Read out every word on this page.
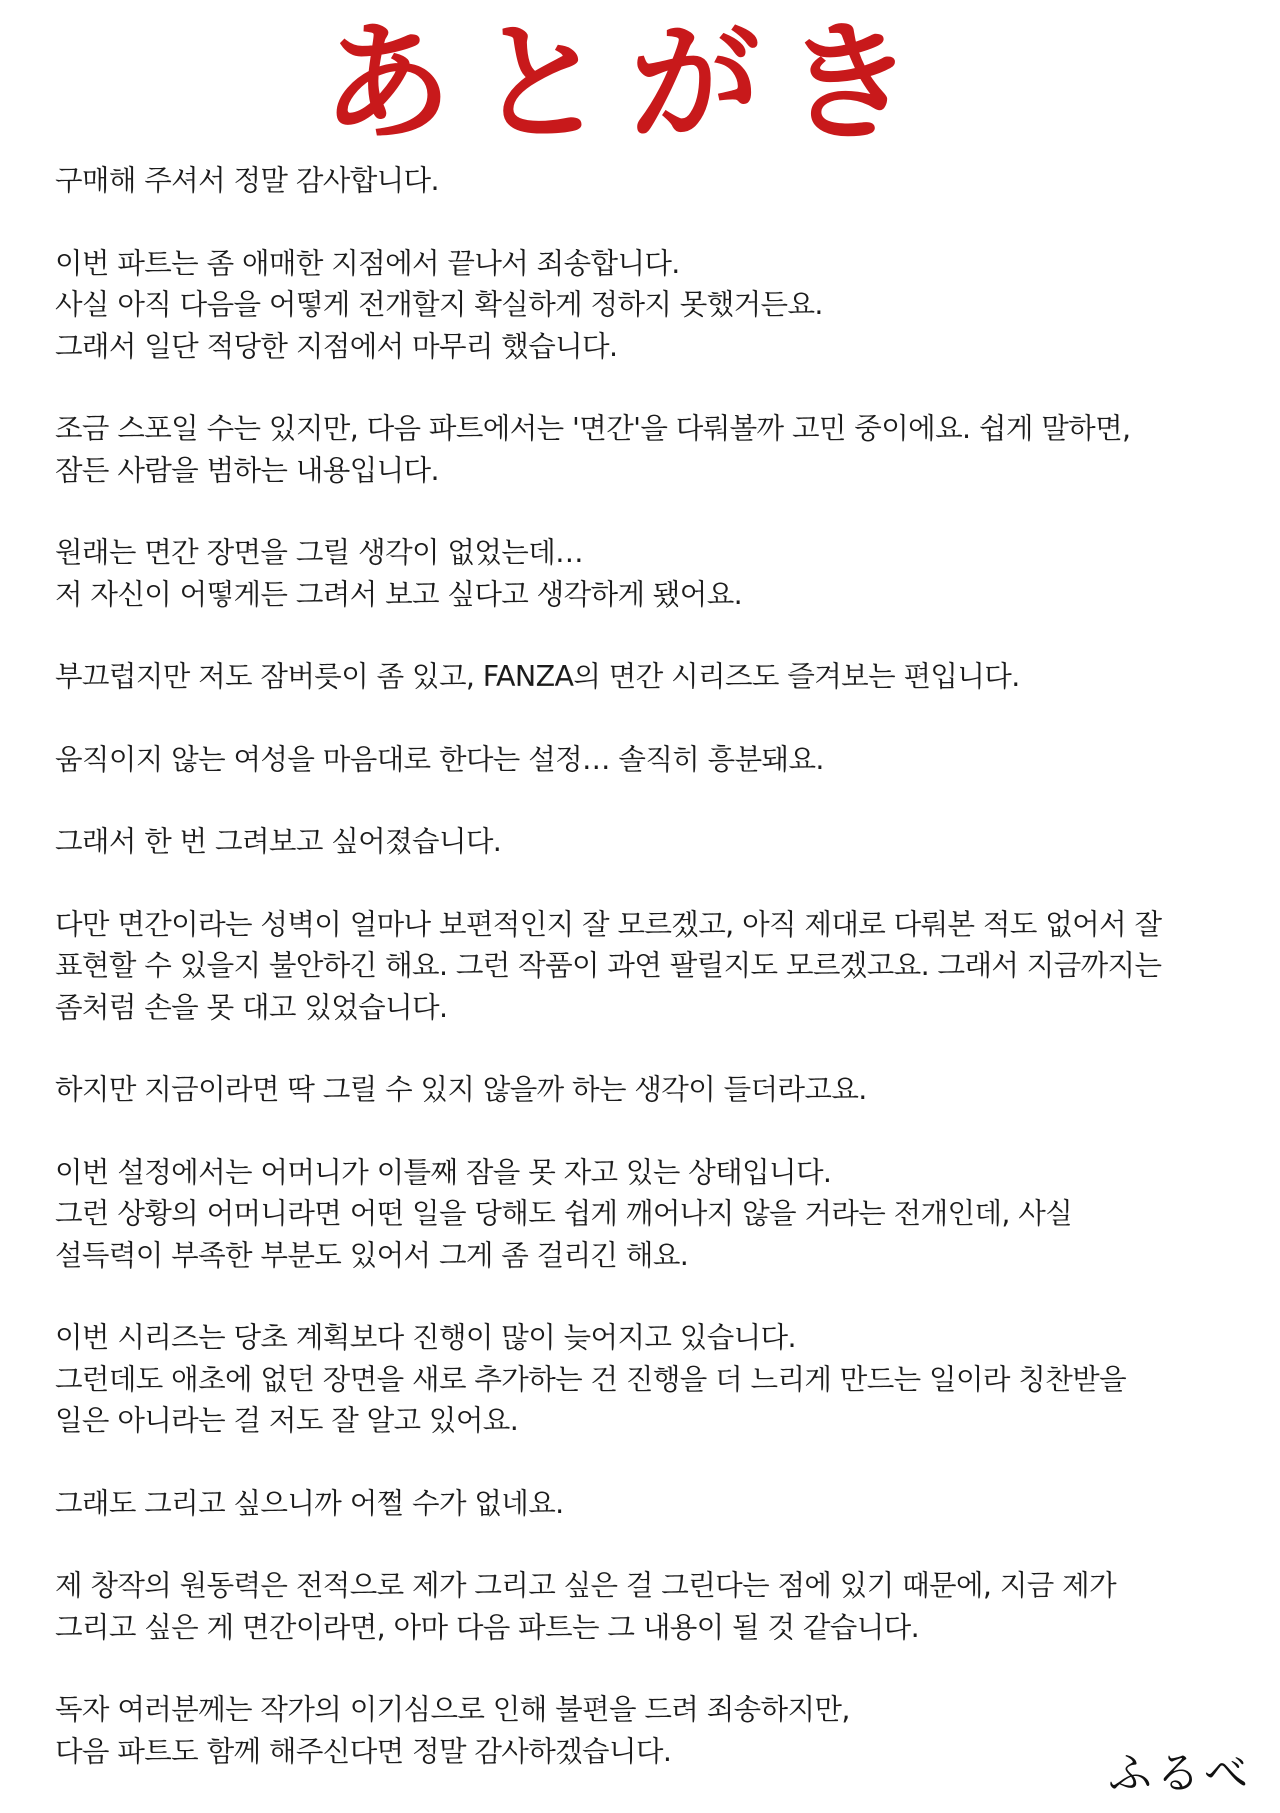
あとがき
구매해 주셔서 정말 감사합니다.
이번 파트는 좀 애매한 지점에서 끝나서 죄송합니다.
사실 아직 다음을 어떻게 전개할지 확실하게 정하지 못했거든요.
그래서 일단 적당한 지점에서 마무리 했습니다.
조금 스포일 수는 있지만, 다음 파트에서는 '면간'을 다뤄볼까 고민 중이에요. 쉽게 말하면,
잠든 사람을 범하는 내용입니다.
원래는 면간 장면을 그릴 생각이 없었는데…
저 자신이 어떻게든 그려서 보고 싶다고 생각하게 됐어요.
부끄럽지만 저도 잠버릇이 좀 있고, FANZA의 면간 시리즈도 즐겨보는 편입니다.
움직이지 않는 여성을 마음대로 한다는 설정… 솔직히 흥분돼요.
그래서 한 번 그려보고 싶어졌습니다.
다만 면간이라는 성벽이 얼마나 보편적인지 잘 모르겠고, 아직 제대로 다뤄본 적도 없어서 잘
표현할 수 있을지 불안하긴 해요. 그런 작품이 과연 팔릴지도 모르겠고요. 그래서 지금까지는
좀처럼 손을 못 대고 있었습니다.
하지만 지금이라면 딱 그릴 수 있지 않을까 하는 생각이 들더라고요.
이번 설정에서는 어머니가 이틀째 잠을 못 자고 있는 상태입니다.
그런 상황의 어머니라면 어떤 일을 당해도 쉽게 깨어나지 않을 거라는 전개인데, 사실
설득력이 부족한 부분도 있어서 그게 좀 걸리긴 해요.
이번 시리즈는 당초 계획보다 진행이 많이 늦어지고 있습니다.
그런데도 애초에 없던 장면을 새로 추가하는 건 진행을 더 느리게 만드는 일이라 칭찬받을
일은 아니라는 걸 저도 잘 알고 있어요.
그래도 그리고 싶으니까 어쩔 수가 없네요.
제 창작의 원동력은 전적으로 제가 그리고 싶은 걸 그린다는 점에 있기 때문에, 지금 제가
그리고 싶은 게 면간이라면, 아마 다음 파트는 그 내용이 될 것 같습니다.
독자 여러분께는 작가의 이기심으로 인해 불편을 드려 죄송하지만,
다음 파트도 함께 해주신다면 정말 감사하겠습니다.	ふるべ
